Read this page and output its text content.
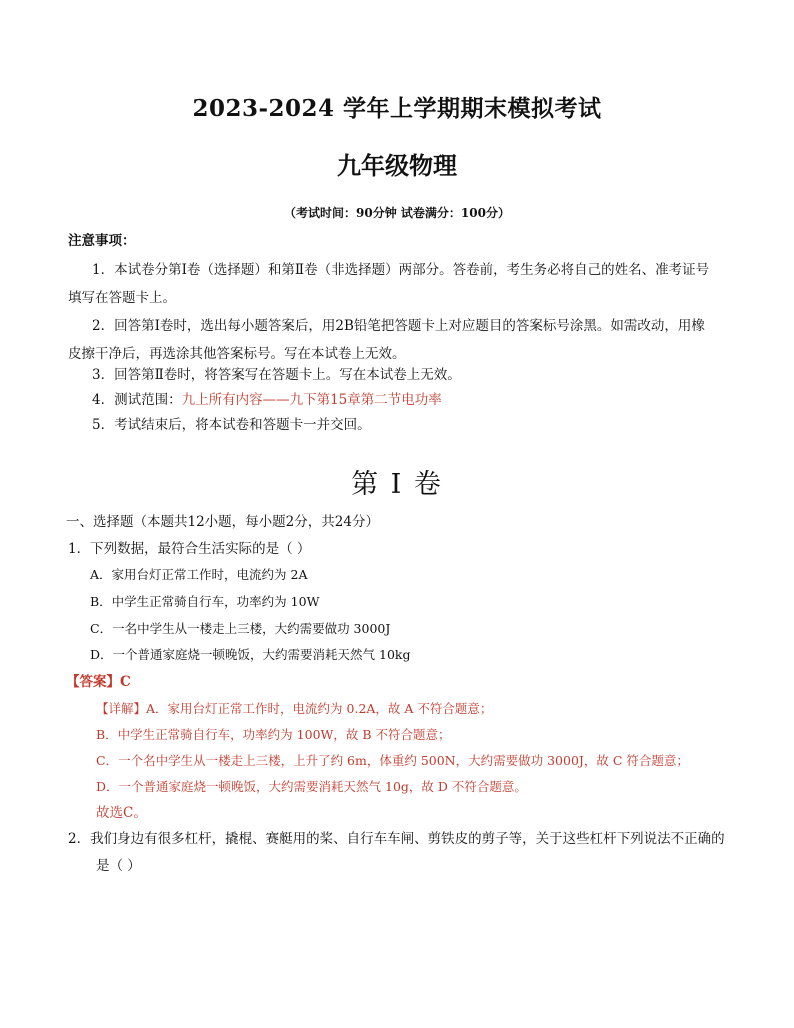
2023-2024 学年上学期期末模拟考试
九年级物理
（考试时间：90分钟 试卷满分：100分）
注意事项：
1．本试卷分第Ⅰ卷（选择题）和第Ⅱ卷（非选择题）两部分。答卷前，考生务必将自己的姓名、准考证号
填写在答题卡上。
2．回答第Ⅰ卷时，选出每小题答案后，用2B铅笔把答题卡上对应题目的答案标号涂黑。如需改动，用橡
皮擦干净后，再选涂其他答案标号。写在本试卷上无效。
3．回答第Ⅱ卷时，将答案写在答题卡上。写在本试卷上无效。
4．测试范围：九上所有内容——九下第15章第二节电功率
5．考试结束后，将本试卷和答题卡一并交回。
第 I 卷
一、选择题（本题共12小题，每小题2分，共24分）
1．下列数据，最符合生活实际的是（ ）
A．家用台灯正常工作时，电流约为 2A
B．中学生正常骑自行车，功率约为 10W
C．一名中学生从一楼走上三楼，大约需要做功 3000J
D．一个普通家庭烧一顿晚饭，大约需要消耗天然气 10kg
【答案】C
【详解】A．家用台灯正常工作时，电流约为 0.2A，故 A 不符合题意；
B．中学生正常骑自行车，功率约为 100W，故 B 不符合题意；
C．一个名中学生从一楼走上三楼，上升了约 6m，体重约 500N，大约需要做功 3000J，故 C 符合题意；
D．一个普通家庭烧一顿晚饭，大约需要消耗天然气 10g，故 D 不符合题意。
故选C。
2．我们身边有很多杠杆，撬棍、赛艇用的桨、自行车车闸、剪铁皮的剪子等，关于这些杠杆下列说法不正确的
是（ ）
